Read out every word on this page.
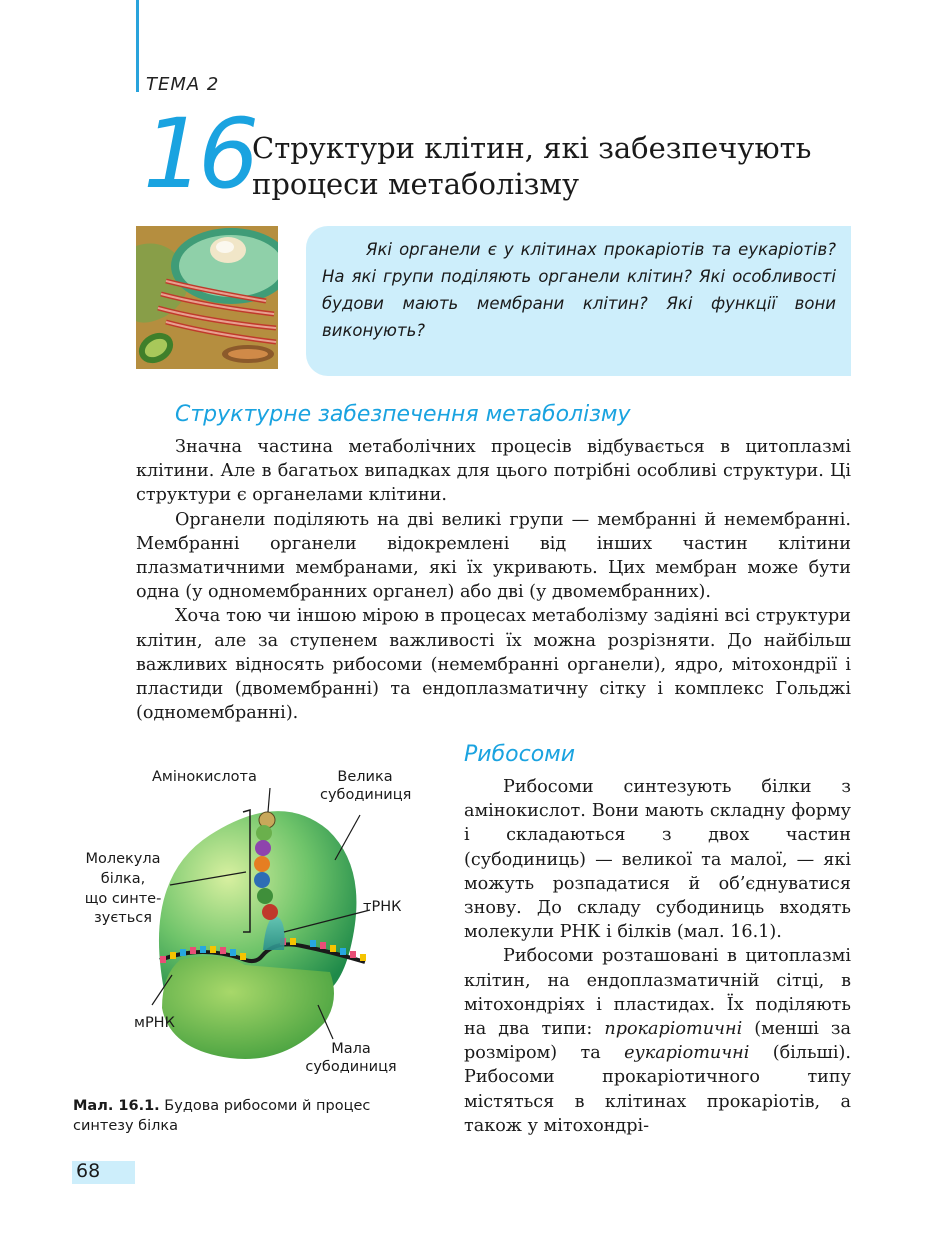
ТЕМА 2
16
Структури клітин, які забезпечують процеси метаболізму
Які органели є у клітинах прокаріотів та еукаріотів? На які групи поділяють органели клітин? Які особливості будови мають мембрани клітин? Які функції вони виконують?
Структурне забезпечення метаболізму

Значна частина метаболічних процесів відбувається в цитоплазмі клітини. Але в багатьох випадках для цього потрібні особливі структури. Ці структури є органелами клітини.

Органели поділяють на дві великі групи — мембранні й немембранні. Мембранні органели відокремлені від інших частин клітини плазматичними мембранами, які їх укривають. Цих мембран може бути одна (у одномембранних органел) або дві (у двомембранних).

Хоча тою чи іншою мірою в процесах метаболізму задіяні всі структури клітин, але за ступенем важливості їх можна розрізняти. До найбільш важливих відносять рибосоми (немембранні органели), ядро, мітохондрії і пластиди (двомембранні) та ендоплазматичну сітку і комплекс Гольджі (одномембранні).

Амінокислота	Велика
субодиниця
Молекула
білка,
що синте-
зується
тРНК
мРНК
Мала
субодиниця
Мал. 16.1. Будова рибосоми й процес синтезу білка
Рибосоми

Рибосоми синтезують білки з амінокислот. Вони мають складну форму і складаються з двох частин (субодиниць) — великої та малої, — які можуть розпадатися й об’єднуватися знову. До складу субодиниць входять молекули РНК і білків (мал. 16.1).

Рибосоми розташовані в цитоплазмі клітин, на ендоплазматичній сітці, в мітохондріях і пластидах. Їх поділяють на два типи: прокаріотичні (менші за розміром) та еукаріотичні (більші). Рибосоми прокаріотичного типу містяться в клітинах прокаріотів, а також у мітохондрі-

68
